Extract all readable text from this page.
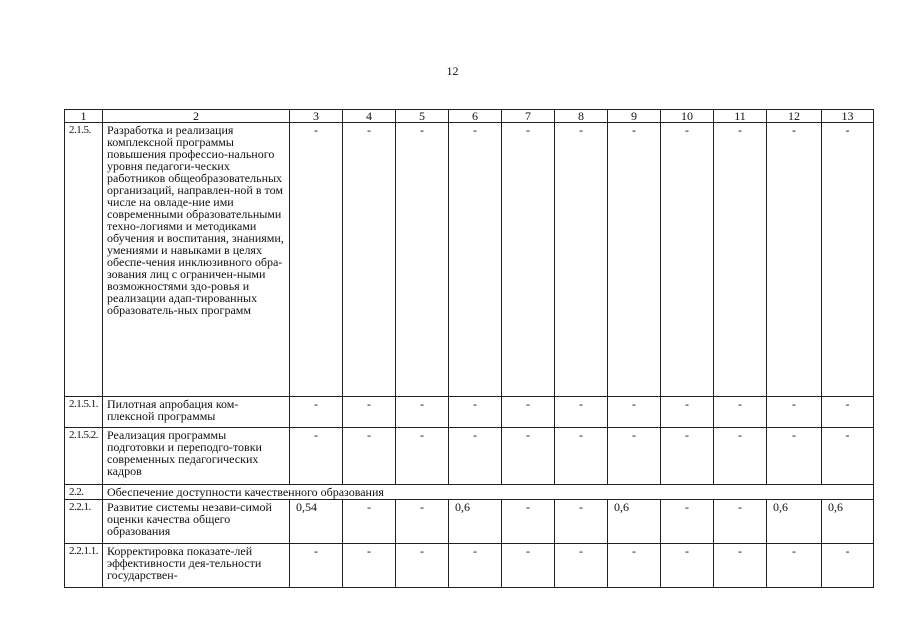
12
1	2	3	4	5	6	7	8	9	10	11	12	13
2.1.5.	Разработка и реализация комплексной программы повышения профессио-нального уровня педагоги-ческих работников общеобразовательных организаций, направлен-ной в том числе на овладе-ние ими современными образовательными техно-логиями и методиками обучения и воспитания, знаниями, умениями и навыками в целях обеспе-чения инклюзивного обра-зования лиц с ограничен-ными возможностями здо-ровья и реализации адап-тированных образователь-ных программ	-	-	-	-	-	-	-	-	-	-	-
2.1.5.1.	Пилотная апробация ком-плексной программы	-	-	-	-	-	-	-	-	-	-	-
2.1.5.2.	Реализация программы подготовки и переподго-товки современных педагогических кадров	-	-	-	-	-	-	-	-	-	-	-
2.2.	Обеспечение доступности качественного образования											
2.2.1.	Развитие системы незави-симой оценки качества общего образования	0,54	-	-	0,6	-	-	0,6	-	-	0,6	0,6
2.2.1.1.	Корректировка показате-лей эффективности дея-тельности государствен-	-	-	-	-	-	-	-	-	-	-	-
